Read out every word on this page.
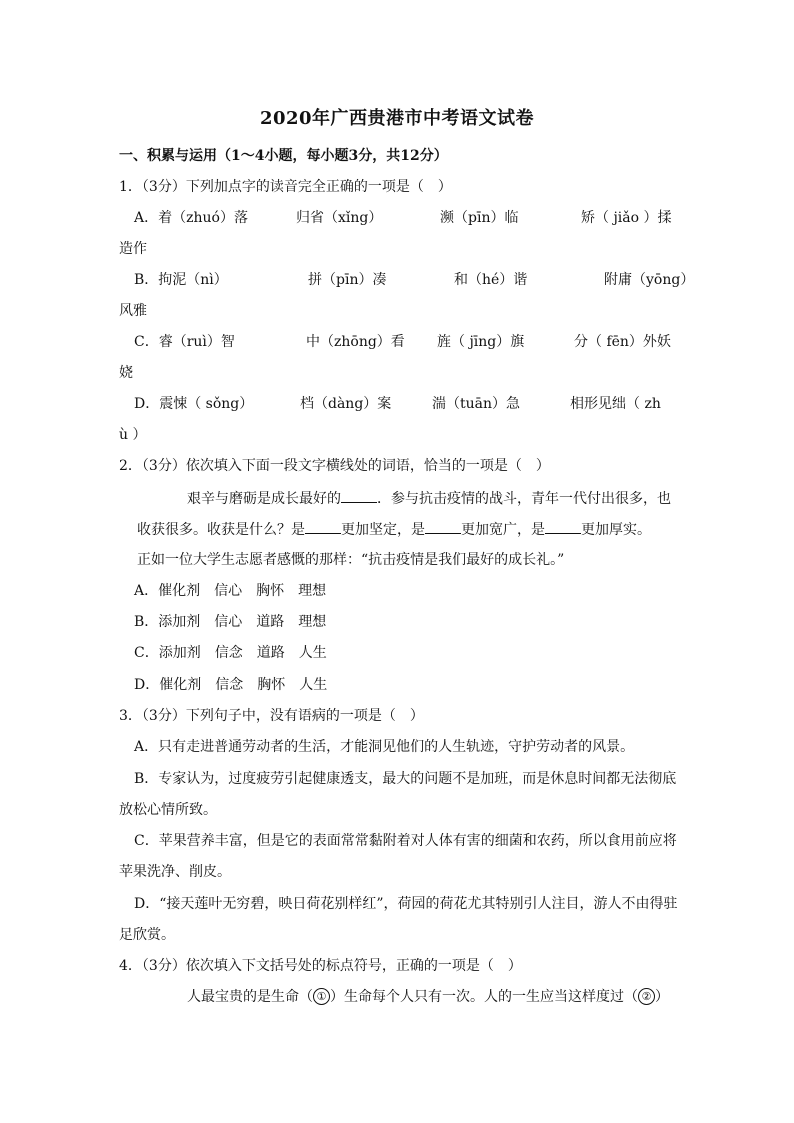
2020年广西贵港市中考语文试卷
一、积累与运用（1～4小题，每小题3分，共12分）
1．（3分）下列加点字的读音完全正确的一项是（　）
A．着（zhuó）落	归省（xǐng）	濒（pīn）临	矫（ jiǎo ）揉
造作
B．拘泥（nì）	拼（pīn）凑	和（hé）谐	附庸（yōng）
风雅
C．睿（ruì）智	中（zhōng）看 旌（ jīng）旗	分（ fēn）外妖
娆
D．震悚（ sǒng）	档（dàng）案	湍（tuān）急	相形见绌（ zh
ù ）
2．（3分）依次填入下面一段文字横线处的词语，恰当的一项是（　）
艰辛与磨砺是成长最好的	．参与抗击疫情的战斗，青年一代付出很多，也
收获很多。收获是什么？是	更加坚定，是	更加宽广，是	更加厚实。
正如一位大学生志愿者感慨的那样：“抗击疫情是我们最好的成长礼。”
A．催化剂 信心 胸怀 理想
B．添加剂 信心 道路 理想
C．添加剂 信念 道路 人生
D．催化剂 信念 胸怀 人生
3．（3分）下列句子中，没有语病的一项是（　）
A．只有走进普通劳动者的生活，才能洞见他们的人生轨迹，守护劳动者的风景。
B．专家认为，过度疲劳引起健康透支，最大的问题不是加班，而是休息时间都无法彻底
放松心情所致。
C．苹果营养丰富，但是它的表面常常黏附着对人体有害的细菌和农药，所以食用前应将
苹果洗净、削皮。
D．“接天莲叶无穷碧，映日荷花别样红”，荷园的荷花尤其特别引人注目，游人不由得驻
足欣赏。
4．（3分）依次填入下文括号处的标点符号，正确的一项是（　）
人最宝贵的是生命（ ① ）生命每个人只有一次。人的一生应当这样度过（ ② ）
